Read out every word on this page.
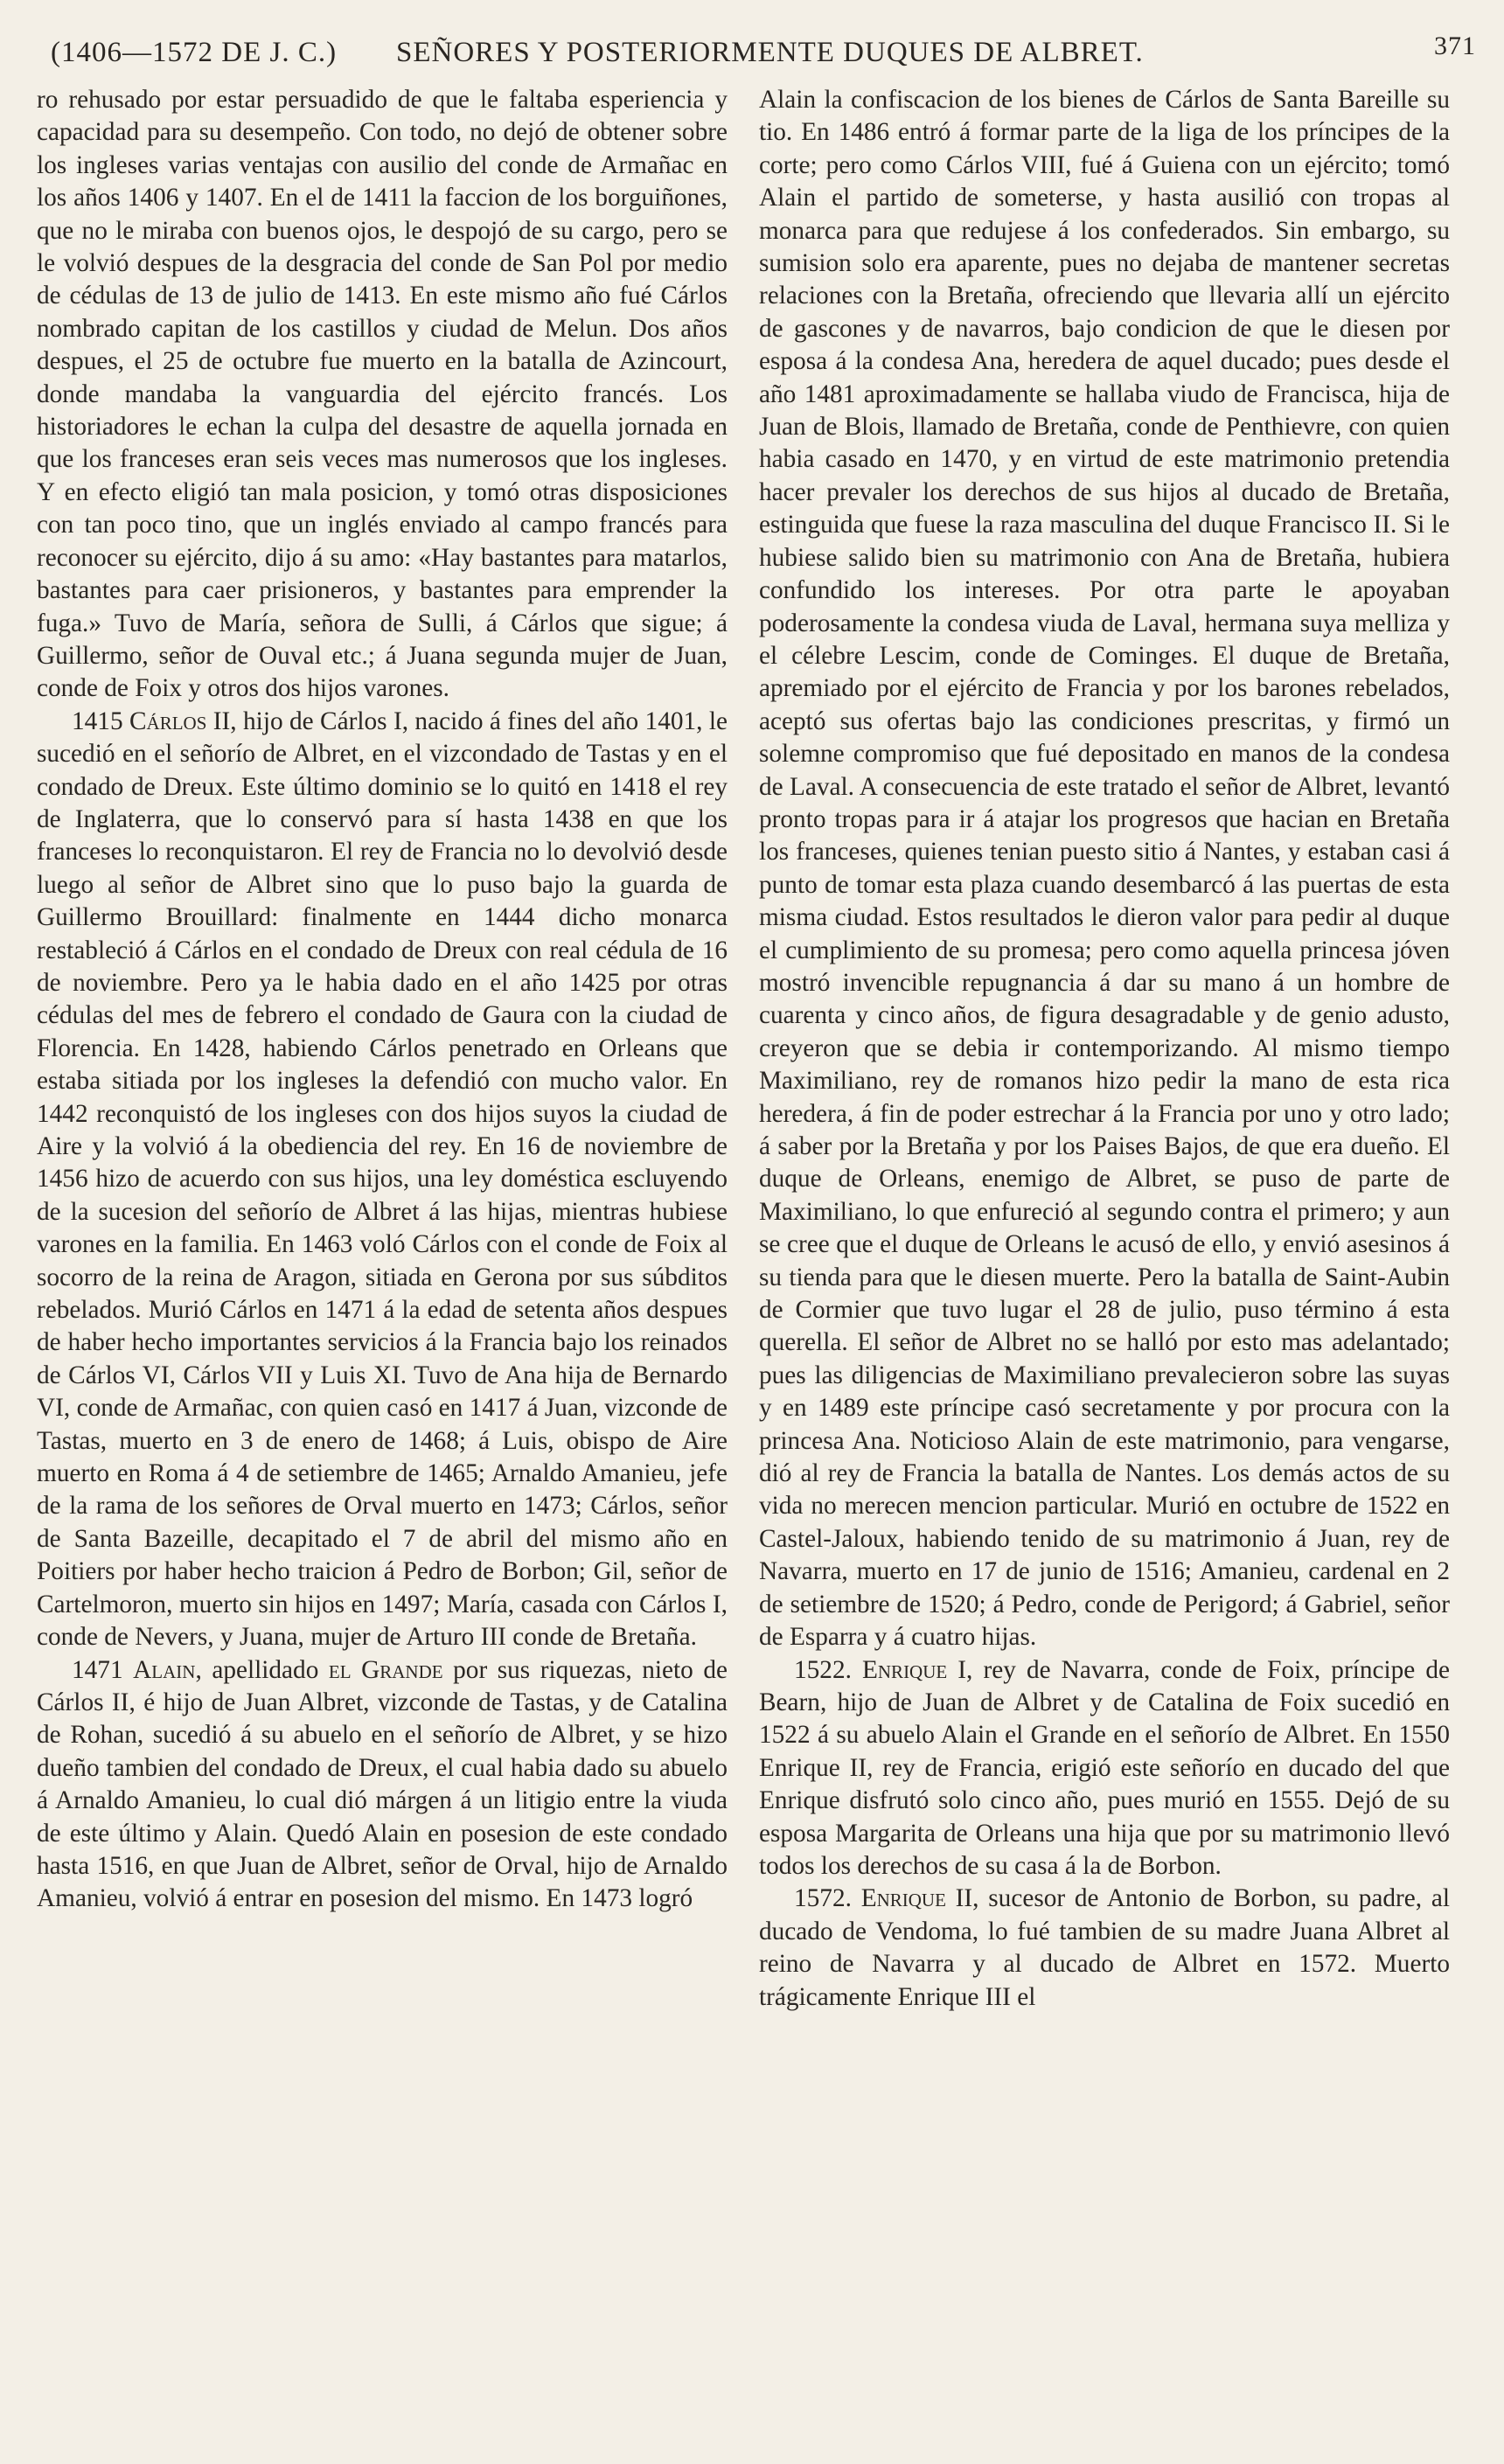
(1406—1572 DE J. C.) SEÑORES Y POSTERIORMENTE DUQUES DE ALBRET.	371

ro rehusado por estar persuadido de que le faltaba esperiencia y capacidad para su desempeño. Con todo, no dejó de obtener sobre los ingleses varias ventajas con ausilio del conde de Armañac en los años 1406 y 1407. En el de 1411 la faccion de los borguiñones, que no le miraba con buenos ojos, le despojó de su cargo, pero se le volvió despues de la desgracia del conde de San Pol por medio de cédulas de 13 de julio de 1413. En este mismo año fué Cárlos nombrado capitan de los castillos y ciudad de Melun. Dos años despues, el 25 de octubre fue muerto en la batalla de Azincourt, donde mandaba la vanguardia del ejército francés. Los historiadores le echan la culpa del desastre de aquella jornada en que los franceses eran seis veces mas numerosos que los ingleses. Y en efecto eligió tan mala posicion, y tomó otras disposiciones con tan poco tino, que un inglés enviado al campo francés para reconocer su ejército, dijo á su amo: «Hay bastantes para matarlos, bastantes para caer prisioneros, y bastantes para emprender la fuga.» Tuvo de María, señora de Sulli, á Cárlos que sigue; á Guillermo, señor de Ouval etc.; á Juana segunda mujer de Juan, conde de Foix y otros dos hijos varones.

1415 Cárlos II, hijo de Cárlos I, nacido á fines del año 1401, le sucedió en el señorío de Albret, en el vizcondado de Tastas y en el condado de Dreux. Este último dominio se lo quitó en 1418 el rey de Inglaterra, que lo conservó para sí hasta 1438 en que los franceses lo reconquistaron. El rey de Francia no lo devolvió desde luego al señor de Albret sino que lo puso bajo la guarda de Guillermo Brouillard: finalmente en 1444 dicho monarca restableció á Cárlos en el condado de Dreux con real cédula de 16 de noviembre. Pero ya le habia dado en el año 1425 por otras cédulas del mes de febrero el condado de Gaura con la ciudad de Florencia. En 1428, habiendo Cárlos penetrado en Orleans que estaba sitiada por los ingleses la defendió con mucho valor. En 1442 reconquistó de los ingleses con dos hijos suyos la ciudad de Aire y la volvió á la obediencia del rey. En 16 de noviembre de 1456 hizo de acuerdo con sus hijos, una ley doméstica escluyendo de la sucesion del señorío de Albret á las hijas, mientras hubiese varones en la familia. En 1463 voló Cárlos con el conde de Foix al socorro de la reina de Aragon, sitiada en Gerona por sus súbditos rebelados. Murió Cárlos en 1471 á la edad de setenta años despues de haber hecho importantes servicios á la Francia bajo los reinados de Cárlos VI, Cárlos VII y Luis XI. Tuvo de Ana hija de Bernardo VI, conde de Armañac, con quien casó en 1417 á Juan, vizconde de Tastas, muerto en 3 de enero de 1468; á Luis, obispo de Aire muerto en Roma á 4 de setiembre de 1465; Arnaldo Amanieu, jefe de la rama de los señores de Orval muerto en 1473; Cárlos, señor de Santa Bazeille, decapitado el 7 de abril del mismo año en Poitiers por haber hecho traicion á Pedro de Borbon; Gil, señor de Cartelmoron, muerto sin hijos en 1497; María, casada con Cárlos I, conde de Nevers, y Juana, mujer de Arturo III conde de Bretaña.

1471 Alain, apellidado el Grande por sus riquezas, nieto de Cárlos II, é hijo de Juan Albret, vizconde de Tastas, y de Catalina de Rohan, sucedió á su abuelo en el señorío de Albret, y se hizo dueño tambien del condado de Dreux, el cual habia dado su abuelo á Arnaldo Amanieu, lo cual dió márgen á un litigio entre la viuda de este último y Alain. Quedó Alain en posesion de este condado hasta 1516, en que Juan de Albret, señor de Orval, hijo de Arnaldo Amanieu, volvió á entrar en posesion del mismo. En 1473 logró

Alain la confiscacion de los bienes de Cárlos de Santa Bareille su tio. En 1486 entró á formar parte de la liga de los príncipes de la corte; pero como Cárlos VIII, fué á Guiena con un ejército; tomó Alain el partido de someterse, y hasta ausilió con tropas al monarca para que redujese á los confederados. Sin embargo, su sumision solo era aparente, pues no dejaba de mantener secretas relaciones con la Bretaña, ofreciendo que llevaria allí un ejército de gascones y de navarros, bajo condicion de que le diesen por esposa á la condesa Ana, heredera de aquel ducado; pues desde el año 1481 aproximadamente se hallaba viudo de Francisca, hija de Juan de Blois, llamado de Bretaña, conde de Penthievre, con quien habia casado en 1470, y en virtud de este matrimonio pretendia hacer prevaler los derechos de sus hijos al ducado de Bretaña, estinguida que fuese la raza masculina del duque Francisco II. Si le hubiese salido bien su matrimonio con Ana de Bretaña, hubiera confundido los intereses. Por otra parte le apoyaban poderosamente la condesa viuda de Laval, hermana suya melliza y el célebre Lescim, conde de Cominges. El duque de Bretaña, apremiado por el ejército de Francia y por los barones rebelados, aceptó sus ofertas bajo las condiciones prescritas, y firmó un solemne compromiso que fué depositado en manos de la condesa de Laval. A consecuencia de este tratado el señor de Albret, levantó pronto tropas para ir á atajar los progresos que hacian en Bretaña los franceses, quienes tenian puesto sitio á Nantes, y estaban casi á punto de tomar esta plaza cuando desembarcó á las puertas de esta misma ciudad. Estos resultados le dieron valor para pedir al duque el cumplimiento de su promesa; pero como aquella princesa jóven mostró invencible repugnancia á dar su mano á un hombre de cuarenta y cinco años, de figura desagradable y de genio adusto, creyeron que se debia ir contemporizando. Al mismo tiempo Maximiliano, rey de romanos hizo pedir la mano de esta rica heredera, á fin de poder estrechar á la Francia por uno y otro lado; á saber por la Bretaña y por los Paises Bajos, de que era dueño. El duque de Orleans, enemigo de Albret, se puso de parte de Maximiliano, lo que enfureció al segundo contra el primero; y aun se cree que el duque de Orleans le acusó de ello, y envió asesinos á su tienda para que le diesen muerte. Pero la batalla de Saint-Aubin de Cormier que tuvo lugar el 28 de julio, puso término á esta querella. El señor de Albret no se halló por esto mas adelantado; pues las diligencias de Maximiliano prevalecieron sobre las suyas y en 1489 este príncipe casó secretamente y por procura con la princesa Ana. Noticioso Alain de este matrimonio, para vengarse, dió al rey de Francia la batalla de Nantes. Los demás actos de su vida no merecen mencion particular. Murió en octubre de 1522 en Castel-Jaloux, habiendo tenido de su matrimonio á Juan, rey de Navarra, muerto en 17 de junio de 1516; Amanieu, cardenal en 2 de setiembre de 1520; á Pedro, conde de Perigord; á Gabriel, señor de Esparra y á cuatro hijas.

1522. Enrique I, rey de Navarra, conde de Foix, príncipe de Bearn, hijo de Juan de Albret y de Catalina de Foix sucedió en 1522 á su abuelo Alain el Grande en el señorío de Albret. En 1550 Enrique II, rey de Francia, erigió este señorío en ducado del que Enrique disfrutó solo cinco año, pues murió en 1555. Dejó de su esposa Margarita de Orleans una hija que por su matrimonio llevó todos los derechos de su casa á la de Borbon.

1572. Enrique II, sucesor de Antonio de Borbon, su padre, al ducado de Vendoma, lo fué tambien de su madre Juana Albret al reino de Navarra y al ducado de Albret en 1572. Muerto trágicamente Enrique III el
